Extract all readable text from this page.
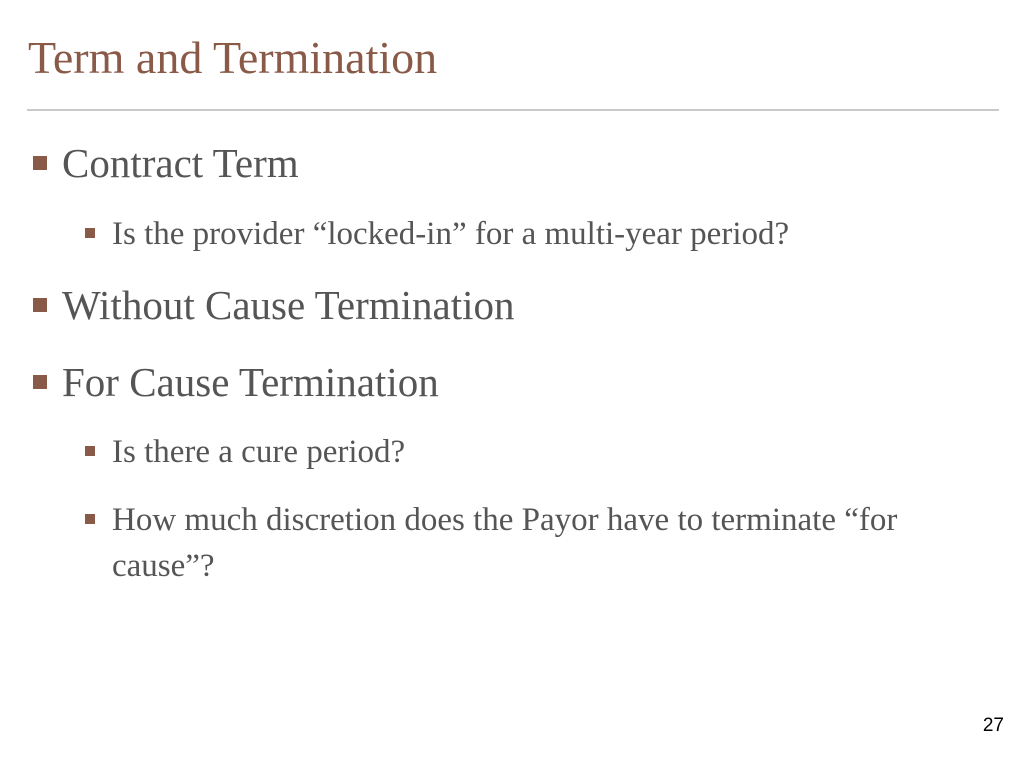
Term and Termination
Contract Term
Is the provider “locked-in” for a multi-year period?
Without Cause Termination
For Cause Termination
Is there a cure period?
How much discretion does the Payor have to terminate “for cause”?
27
